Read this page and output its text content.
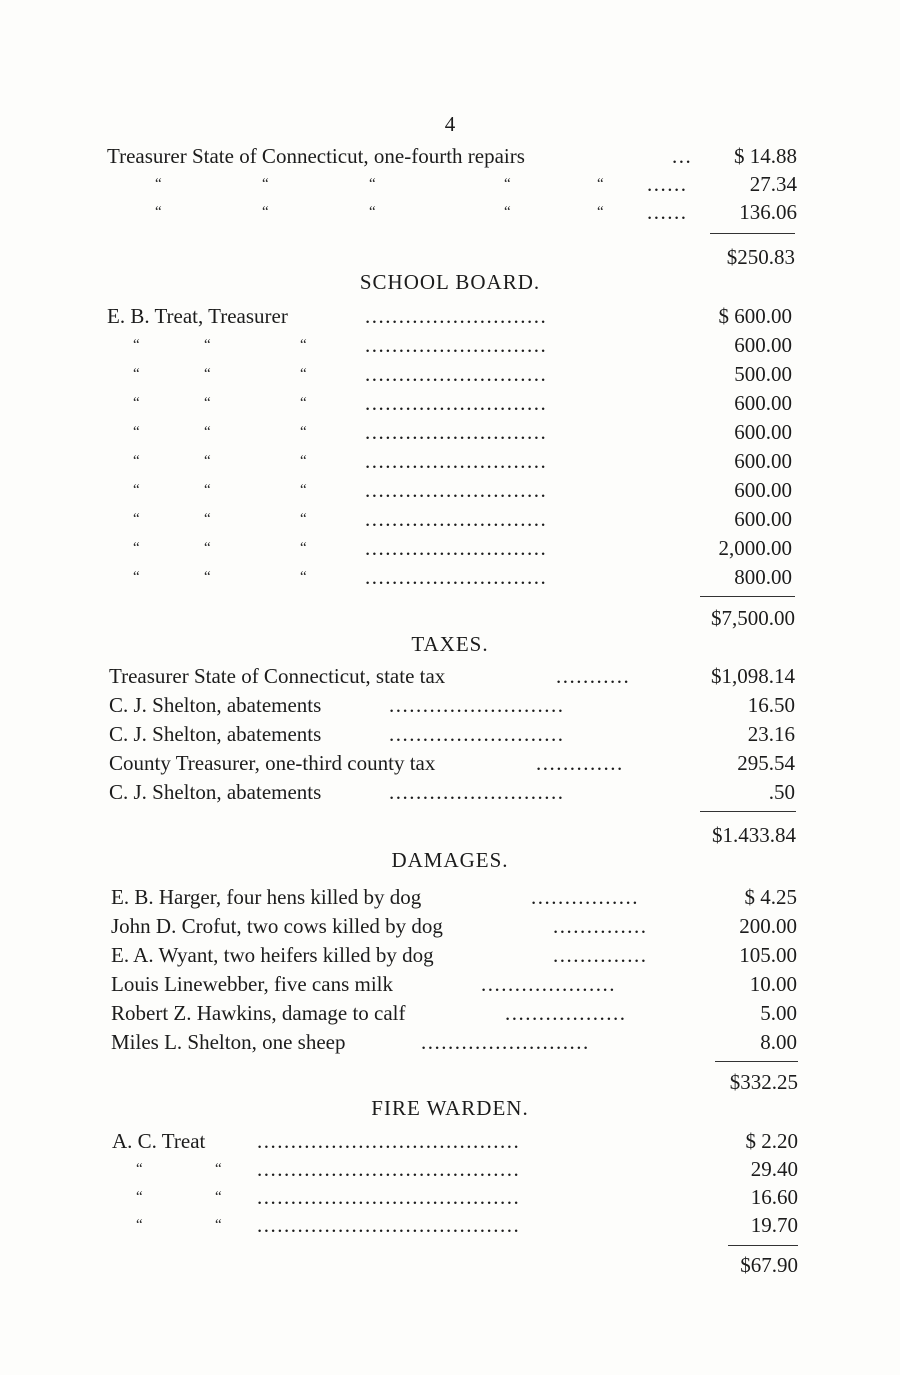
4
Treasurer State of Connecticut, one-fourth repairs	...	$ 14.88
“	“	“	“	“ ......	27.34
“	“	“	“	“ ......	136.06
$250.83
SCHOOL BOARD.
E. B. Treat, Treasurer	...........................	$ 600.00
“	“	“	...........................	600.00
“	“	“	...........................	500.00
“	“	“	...........................	600.00
“	“	“	...........................	600.00
“	“	“	...........................	600.00
“	“	“	...........................	600.00
“	“	“	...........................	600.00
“	“	“	...........................	2,000.00
“	“	“	...........................	800.00
$7,500.00
TAXES.
Treasurer State of Connecticut, state tax	...........	$1,098.14
C. J. Shelton, abatements	..........................	16.50
C. J. Shelton, abatements	..........................	23.16
County Treasurer, one-third county tax	.............	295.54
C. J. Shelton, abatements	..........................	.50
$1.433.84
DAMAGES.
E. B. Harger, four hens killed by dog	................	$ 4.25
John D. Crofut, two cows killed by dog	..............	200.00
E. A. Wyant, two heifers killed by dog	..............	105.00
Louis Linewebber, five cans milk	....................	10.00
Robert Z. Hawkins, damage to calf	..................	5.00
Miles L. Shelton, one sheep	.........................	8.00
$332.25
FIRE WARDEN.
A. C. Treat .......................................	$ 2.20
“	“ .......................................	29.40
“	“ .......................................	16.60
“	“ .......................................	19.70
$67.90
